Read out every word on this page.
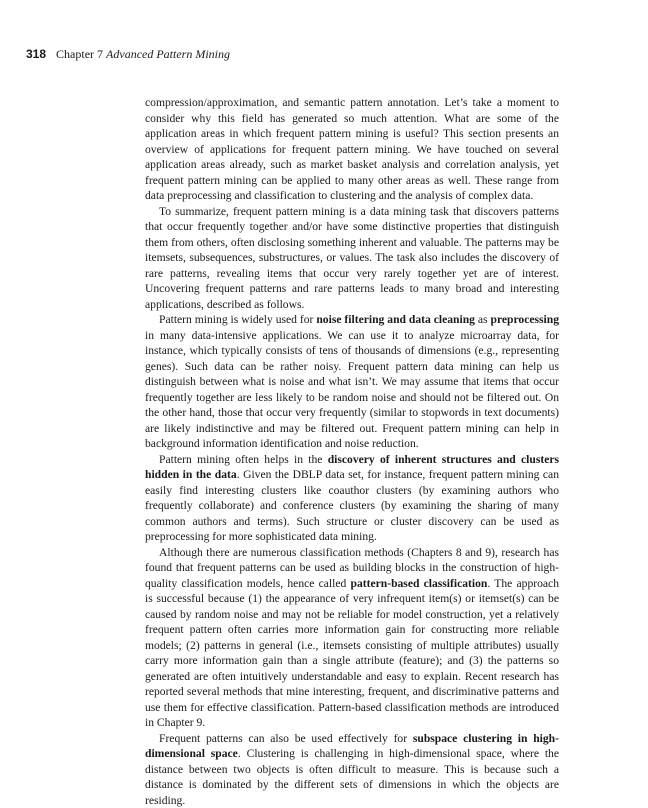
318 Chapter 7 Advanced Pattern Mining

compression/approximation, and semantic pattern annotation. Let’s take a moment to consider why this field has generated so much attention. What are some of the application areas in which frequent pattern mining is useful? This section presents an overview of applications for frequent pattern mining. We have touched on several application areas already, such as market basket analysis and correlation analysis, yet frequent pattern mining can be applied to many other areas as well. These range from data preprocessing and classification to clustering and the analysis of complex data.

To summarize, frequent pattern mining is a data mining task that discovers patterns that occur frequently together and/or have some distinctive properties that distinguish them from others, often disclosing something inherent and valuable. The patterns may be itemsets, subsequences, substructures, or values. The task also includes the discovery of rare patterns, revealing items that occur very rarely together yet are of interest. Uncovering frequent patterns and rare patterns leads to many broad and interesting applications, described as follows.

Pattern mining is widely used for noise filtering and data cleaning as preprocessing in many data-intensive applications. We can use it to analyze microarray data, for instance, which typically consists of tens of thousands of dimensions (e.g., representing genes). Such data can be rather noisy. Frequent pattern data mining can help us distinguish between what is noise and what isn’t. We may assume that items that occur frequently together are less likely to be random noise and should not be filtered out. On the other hand, those that occur very frequently (similar to stopwords in text documents) are likely indistinctive and may be filtered out. Frequent pattern mining can help in background information identification and noise reduction.

Pattern mining often helps in the discovery of inherent structures and clusters hidden in the data. Given the DBLP data set, for instance, frequent pattern mining can easily find interesting clusters like coauthor clusters (by examining authors who frequently collaborate) and conference clusters (by examining the sharing of many common authors and terms). Such structure or cluster discovery can be used as preprocessing for more sophisticated data mining.

Although there are numerous classification methods (Chapters 8 and 9), research has found that frequent patterns can be used as building blocks in the construction of high-quality classification models, hence called pattern-based classification. The approach is successful because (1) the appearance of very infrequent item(s) or itemset(s) can be caused by random noise and may not be reliable for model construction, yet a relatively frequent pattern often carries more information gain for constructing more reliable models; (2) patterns in general (i.e., itemsets consisting of multiple attributes) usually carry more information gain than a single attribute (feature); and (3) the patterns so generated are often intuitively understandable and easy to explain. Recent research has reported several methods that mine interesting, frequent, and discriminative patterns and use them for effective classification. Pattern-based classification methods are introduced in Chapter 9.

Frequent patterns can also be used effectively for subspace clustering in high-dimensional space. Clustering is challenging in high-dimensional space, where the distance between two objects is often difficult to measure. This is because such a distance is dominated by the different sets of dimensions in which the objects are residing.
